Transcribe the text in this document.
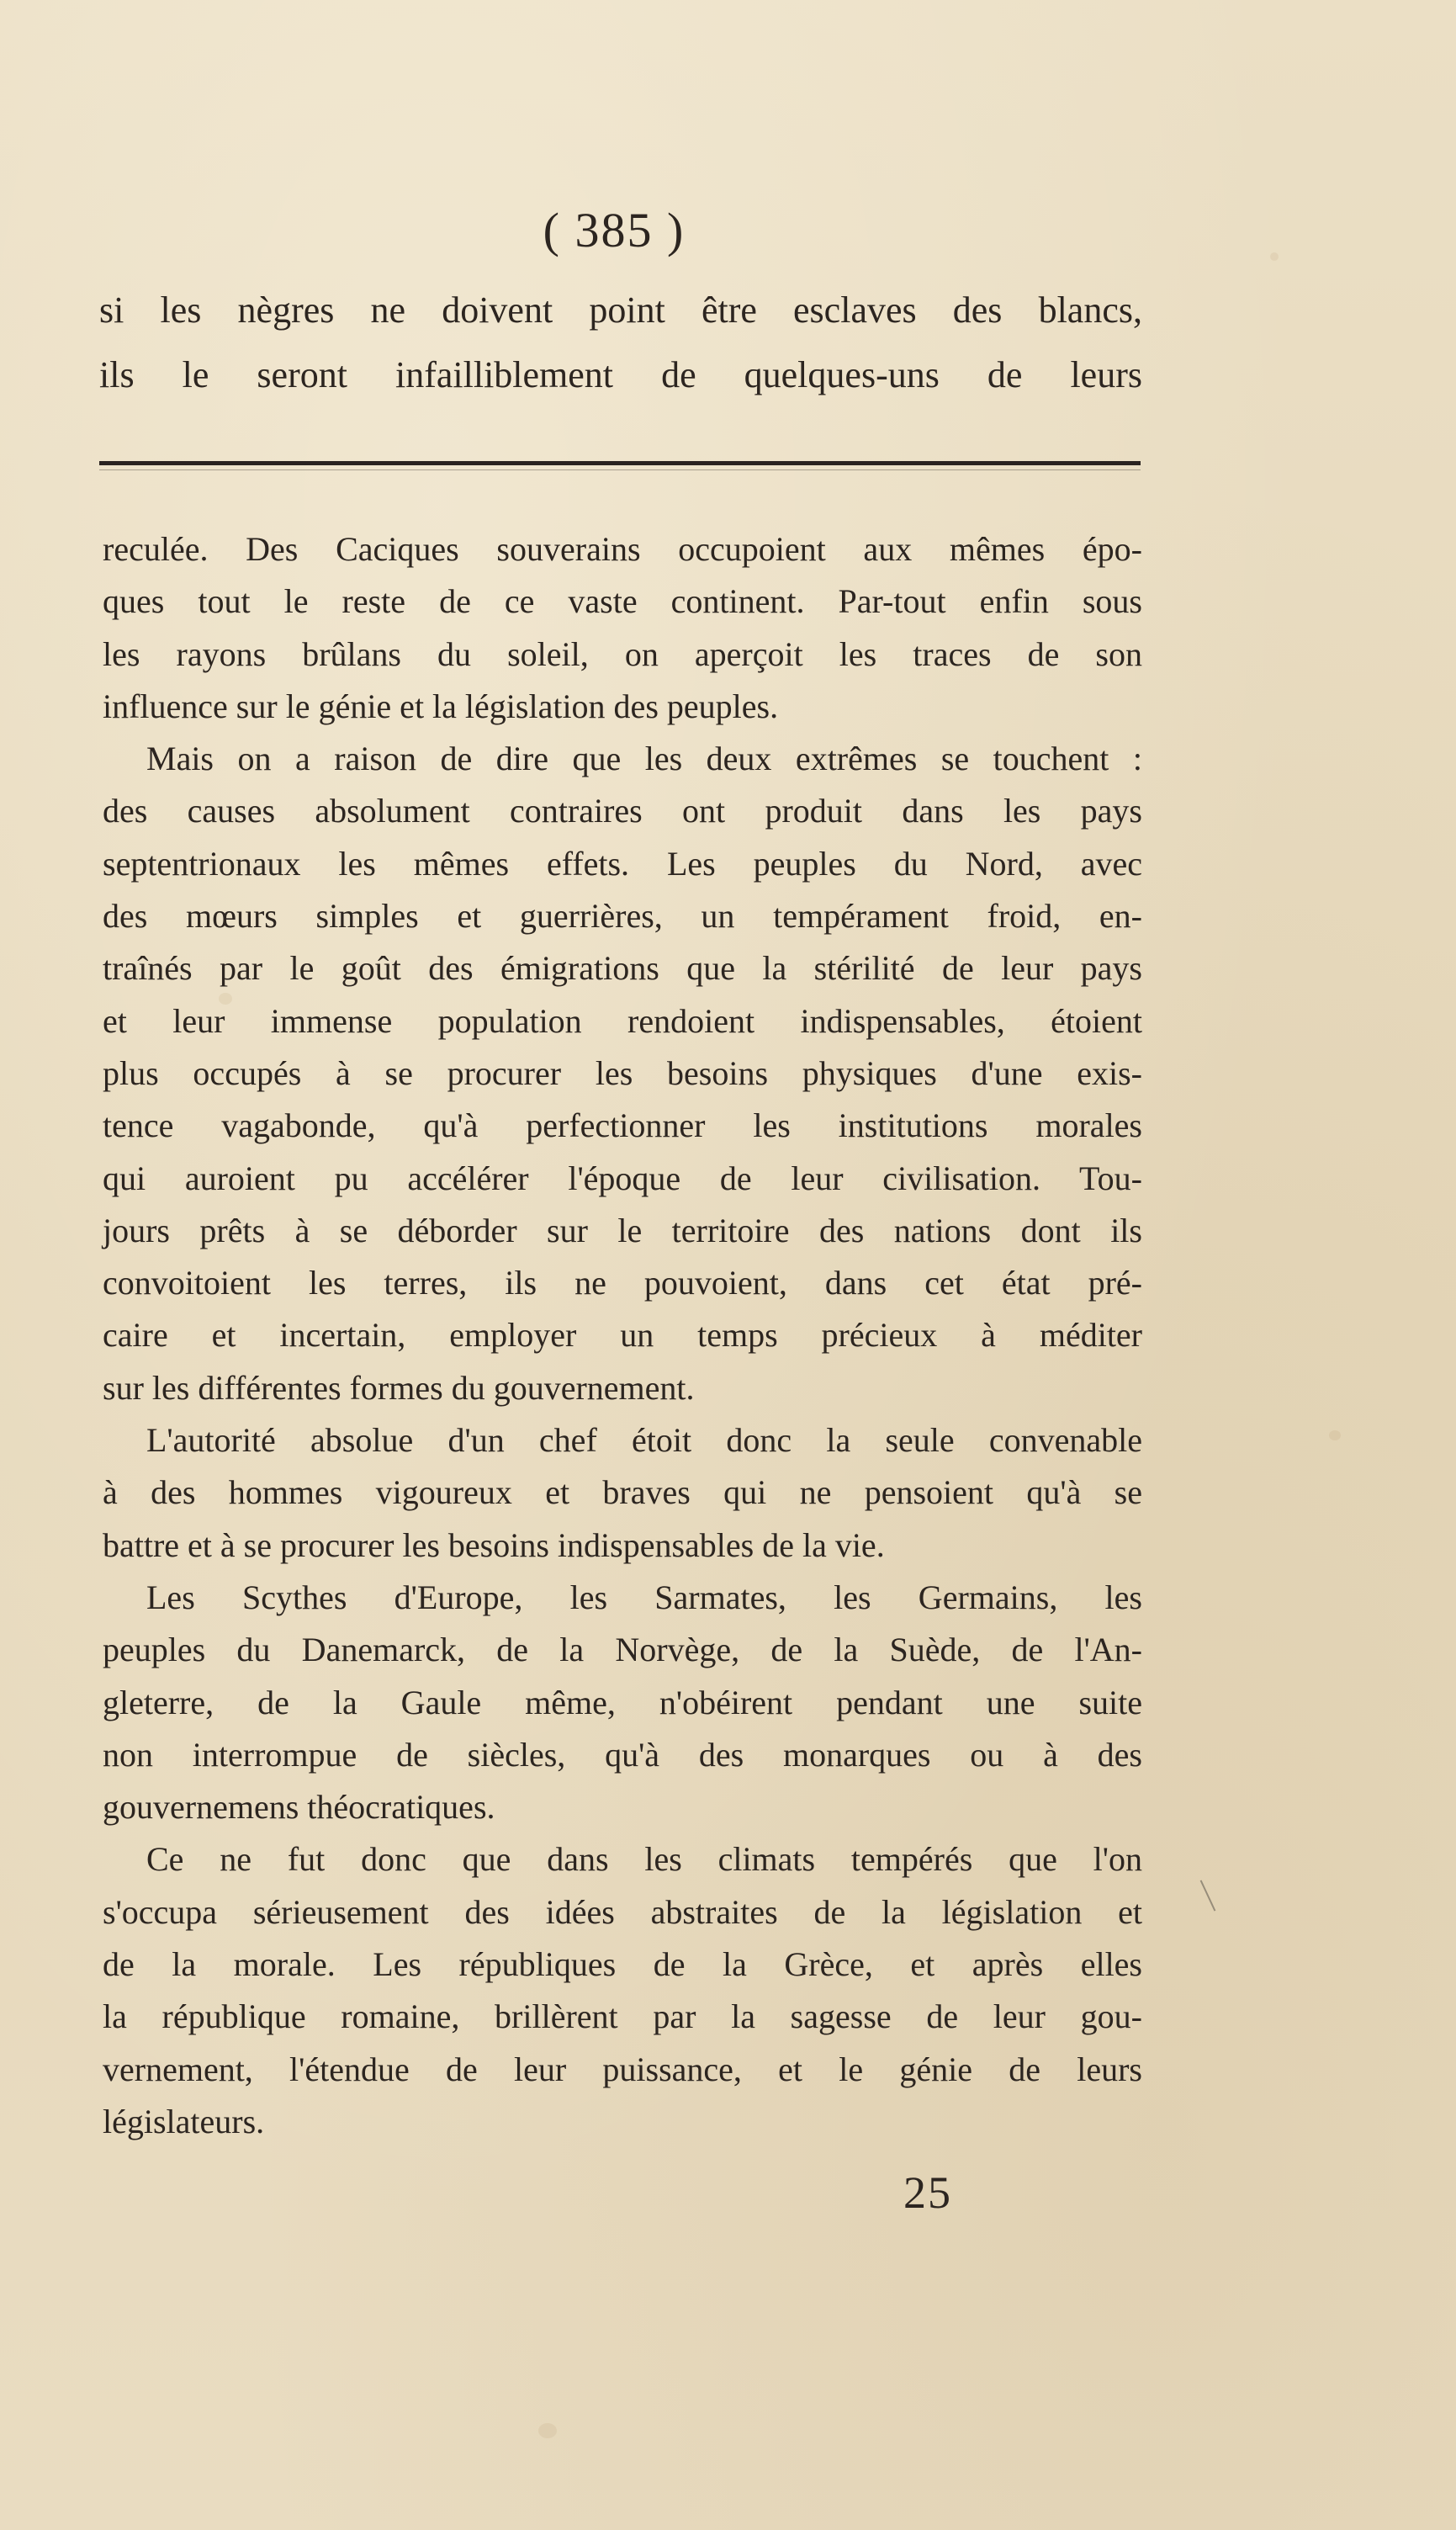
( 385 )
si les nègres ne doivent point être esclaves des blancs,
ils le seront infailliblement de quelques-uns de leurs
reculée. Des Caciques souverains occupoient aux mêmes épo-
ques tout le reste de ce vaste continent. Par-tout enfin sous
les rayons brûlans du soleil, on aperçoit les traces de son
influence sur le génie et la législation des peuples.
Mais on a raison de dire que les deux extrêmes se touchent :
des causes absolument contraires ont produit dans les pays
septentrionaux les mêmes effets. Les peuples du Nord, avec
des mœurs simples et guerrières, un tempérament froid, en-
traînés par le goût des émigrations que la stérilité de leur pays
et leur immense population rendoient indispensables, étoient
plus occupés à se procurer les besoins physiques d'une exis-
tence vagabonde, qu'à perfectionner les institutions morales
qui auroient pu accélérer l'époque de leur civilisation. Tou-
jours prêts à se déborder sur le territoire des nations dont ils
convoitoient les terres, ils ne pouvoient, dans cet état pré-
caire et incertain, employer un temps précieux à méditer
sur les différentes formes du gouvernement.
L'autorité absolue d'un chef étoit donc la seule convenable
à des hommes vigoureux et braves qui ne pensoient qu'à se
battre et à se procurer les besoins indispensables de la vie.
Les Scythes d'Europe, les Sarmates, les Germains, les
peuples du Danemarck, de la Norvège, de la Suède, de l'An-
gleterre, de la Gaule même, n'obéirent pendant une suite
non interrompue de siècles, qu'à des monarques ou à des
gouvernemens théocratiques.
Ce ne fut donc que dans les climats tempérés que l'on
s'occupa sérieusement des idées abstraites de la législation et
de la morale. Les républiques de la Grèce, et après elles
la république romaine, brillèrent par la sagesse de leur gou-
vernement, l'étendue de leur puissance, et le génie de leurs
législateurs.
25
